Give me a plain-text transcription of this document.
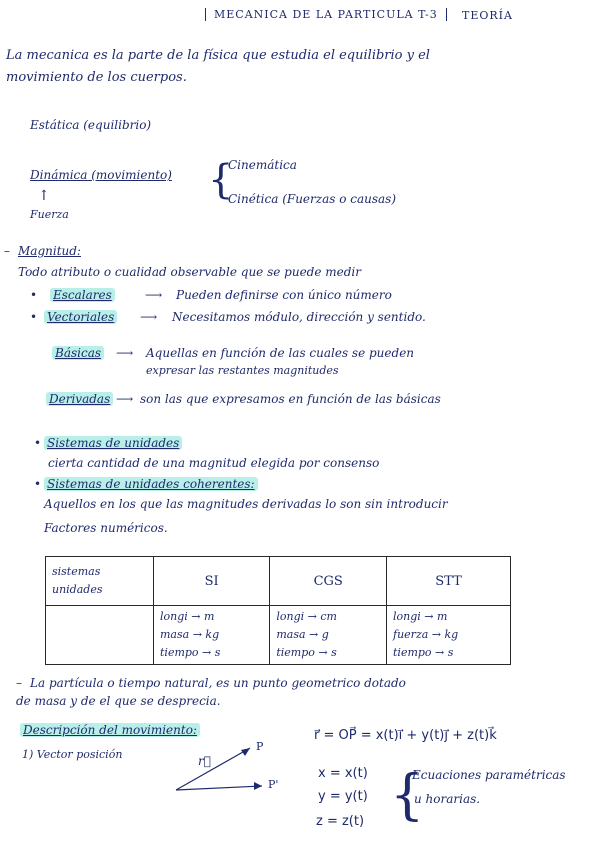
MECANICA DE LA PARTICULA T-3	TEORÍA
La mecanica es la parte de la física que estudia el equilibrio y el
movimiento de los cuerpos.
Estática (equilibrio)
Dinámica (movimiento) {
Cinemática
Cinética (Fuerzas o causas)
↑
Fuerza
– Magnitud:
Todo atributo o cualidad observable que se puede medir
• Escalares	⟶ Pueden definirse con único número
• Vectoriales ⟶ Necesitamos módulo, dirección y sentido.
Básicas ⟶ Aquellas en función de las cuales se pueden
expresar las restantes magnitudes
Derivadas ⟶ son las que expresamos en función de las básicas
• Sistemas de unidades
cierta cantidad de una magnitud elegida por consenso
• Sistemas de unidades coherentes:
Aquellos en los que las magnitudes derivadas lo son sin introducir
Factores numéricos.
sistemas
unidades	SI	CGS	STT

	longi → m
masa → kg
tiempo → s	longi → cm
masa → g
tiempo → s	longi → m
fuerza → kg
tiempo → s
– La partícula o tiempo natural, es un punto geometrico dotado
de masa y de el que se desprecia.
Descripción del movimiento:
1) Vector posición	r⃗
P
P'
r⃗ = OP⃗ = x(t)i⃗ + y(t)j⃗ + z(t)k⃗
x = x(t)
y = y(t)
z = z(t) {
Ecuaciones paramétricas
u horarias.
